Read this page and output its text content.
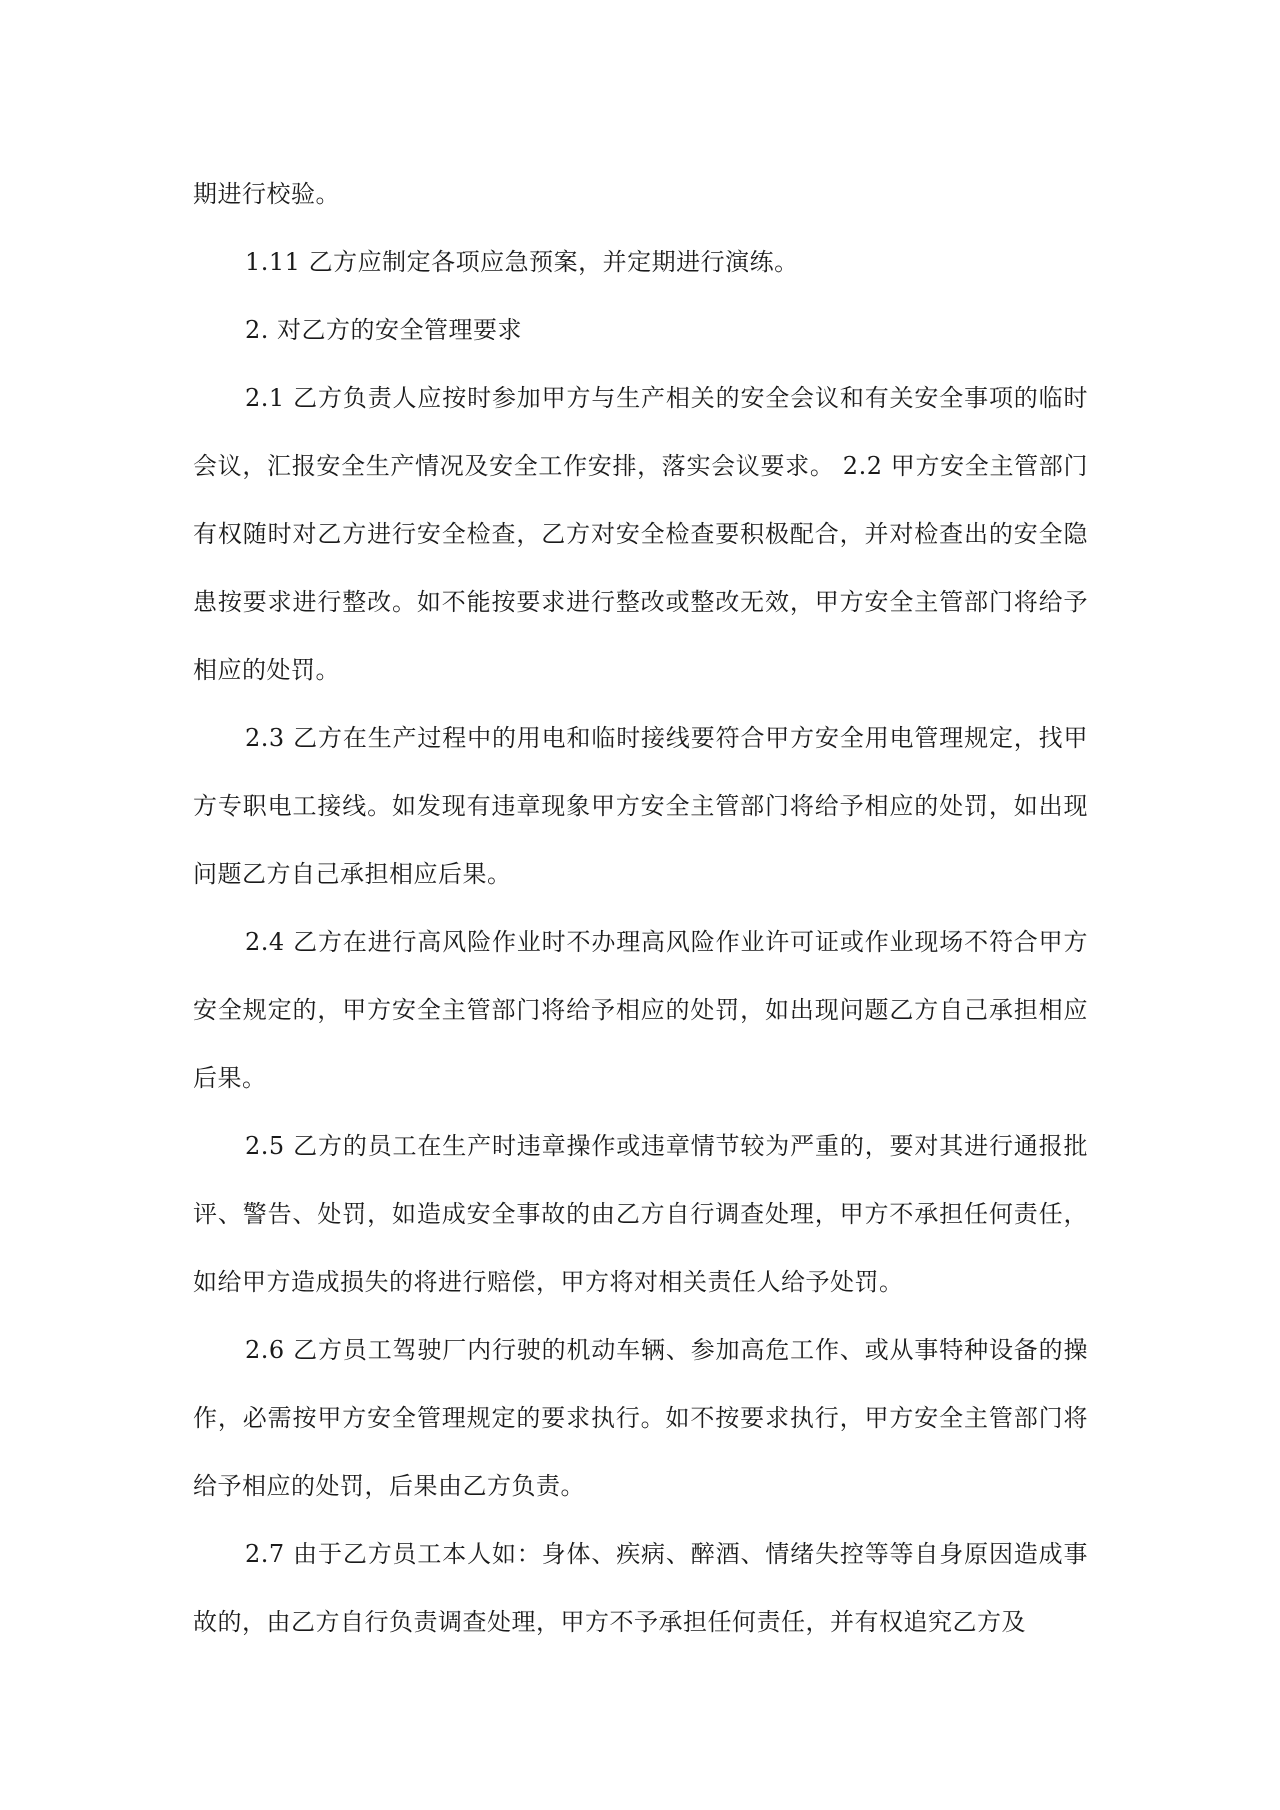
期进行校验。

1.11 乙方应制定各项应急预案，并定期进行演练。

2. 对乙方的安全管理要求

2.1 乙方负责人应按时参加甲方与生产相关的安全会议和有关安全事项的临时会议，汇报安全生产情况及安全工作安排，落实会议要求。 2.2 甲方安全主管部门有权随时对乙方进行安全检查，乙方对安全检查要积极配合，并对检查出的安全隐患按要求进行整改。如不能按要求进行整改或整改无效，甲方安全主管部门将给予相应的处罚。

2.3 乙方在生产过程中的用电和临时接线要符合甲方安全用电管理规定，找甲方专职电工接线。如发现有违章现象甲方安全主管部门将给予相应的处罚，如出现问题乙方自己承担相应后果。

2.4 乙方在进行高风险作业时不办理高风险作业许可证或作业现场不符合甲方安全规定的，甲方安全主管部门将给予相应的处罚，如出现问题乙方自己承担相应后果。

2.5 乙方的员工在生产时违章操作或违章情节较为严重的，要对其进行通报批评、警告、处罚，如造成安全事故的由乙方自行调查处理，甲方不承担任何责任，如给甲方造成损失的将进行赔偿，甲方将对相关责任人给予处罚。

2.6 乙方员工驾驶厂内行驶的机动车辆、参加高危工作、或从事特种设备的操作，必需按甲方安全管理规定的要求执行。如不按要求执行，甲方安全主管部门将给予相应的处罚，后果由乙方负责。

2.7 由于乙方员工本人如：身体、疾病、醉酒、情绪失控等等自身原因造成事故的，由乙方自行负责调查处理，甲方不予承担任何责任，并有权追究乙方及
